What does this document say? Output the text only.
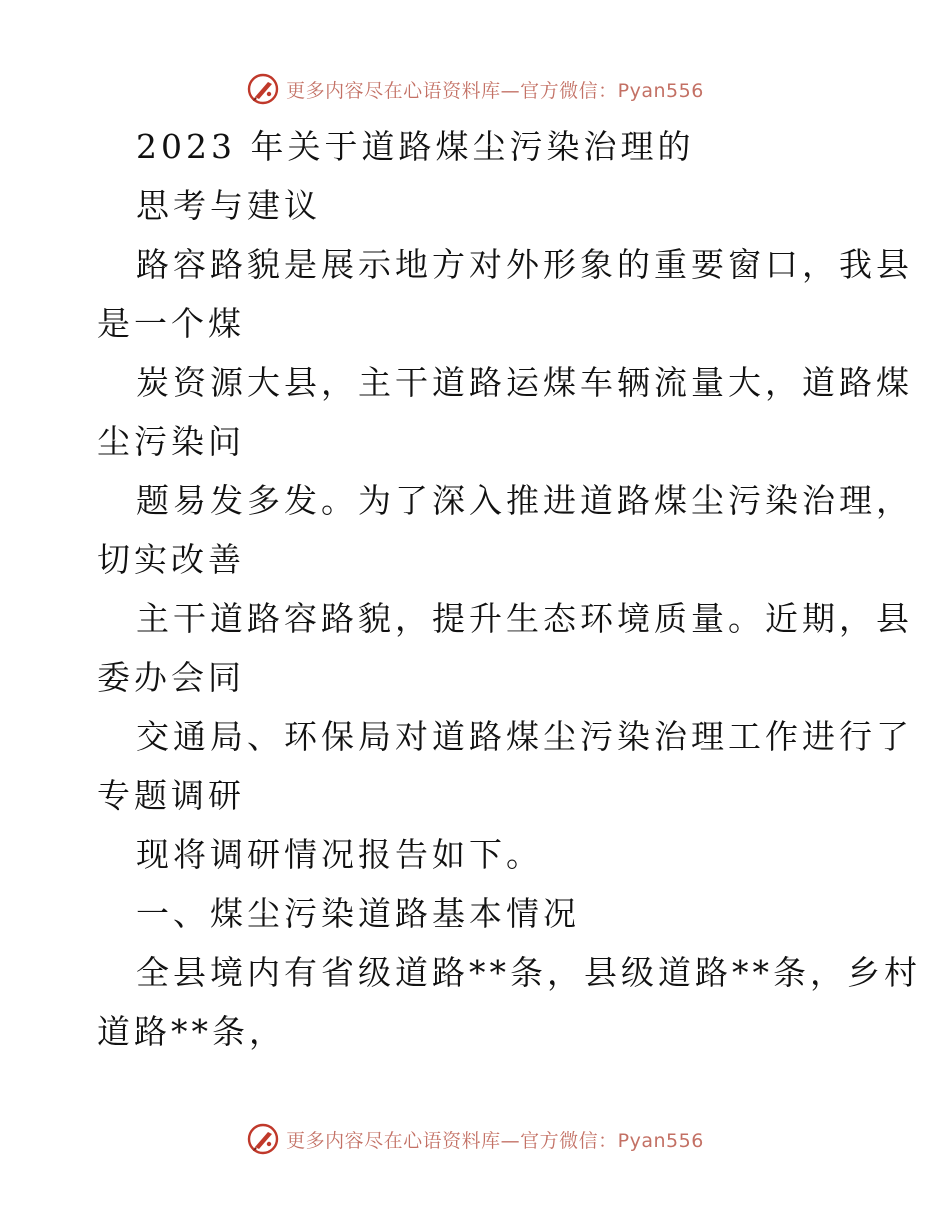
更多内容尽在心语资料库—官方微信：Pyan556
2023 年关于道路煤尘污染治理的
思考与建议
路容路貌是展示地方对外形象的重要窗口，我县
是一个煤
炭资源大县，主干道路运煤车辆流量大，道路煤
尘污染问
题易发多发。为了深入推进道路煤尘污染治理，
切实改善
主干道路容路貌，提升生态环境质量。近期，县
委办会同
交通局、环保局对道路煤尘污染治理工作进行了
专题调研
现将调研情况报告如下。
一、煤尘污染道路基本情况
全县境内有省级道路**条，县级道路**条，乡村
道路**条，
更多内容尽在心语资料库—官方微信：Pyan556
